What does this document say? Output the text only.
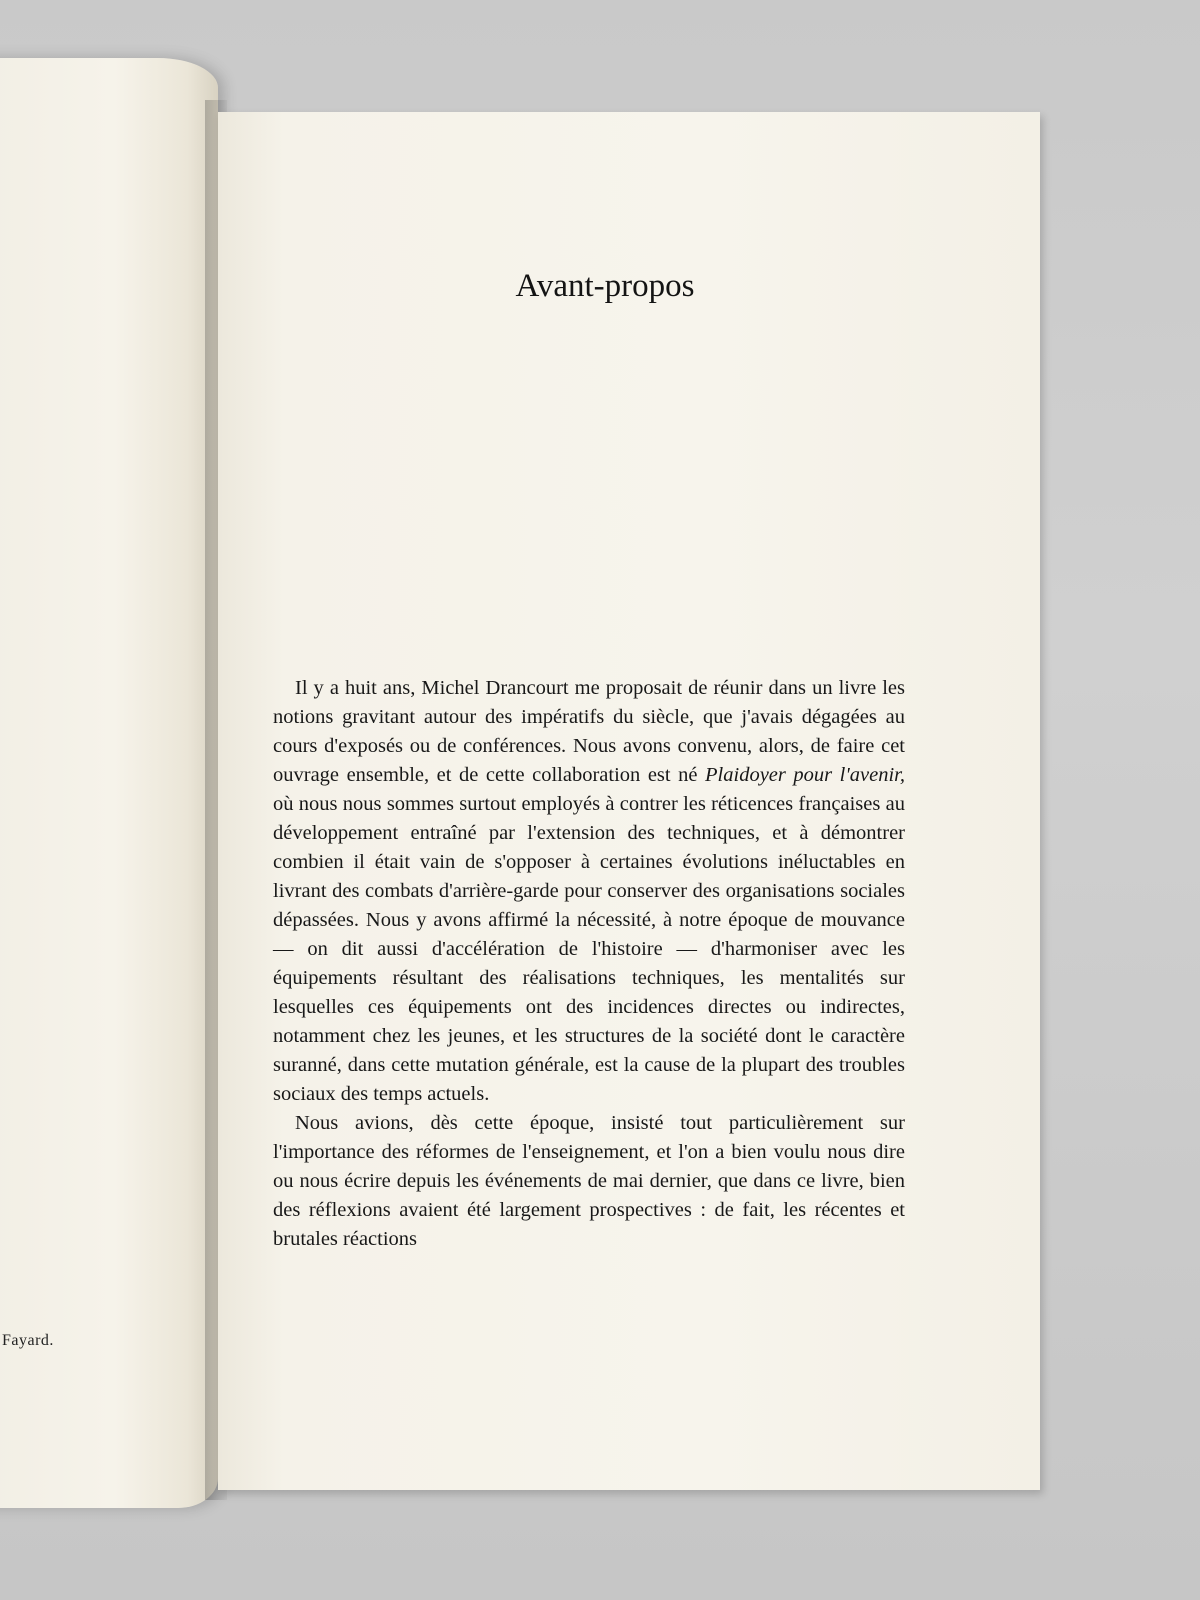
Fayard.
Avant-propos

Il y a huit ans, Michel Drancourt me proposait de réunir dans un livre les notions gravitant autour des impératifs du siècle, que j'avais dégagées au cours d'exposés ou de conférences. Nous avons convenu, alors, de faire cet ouvrage ensemble, et de cette collaboration est né Plaidoyer pour l'avenir, où nous nous sommes surtout employés à contrer les réticences françaises au développement entraîné par l'extension des techniques, et à démontrer combien il était vain de s'opposer à certaines évolutions inéluctables en livrant des combats d'arrière-garde pour conserver des organisations sociales dépassées. Nous y avons affirmé la nécessité, à notre époque de mouvance — on dit aussi d'accélération de l'histoire — d'harmoniser avec les équipements résultant des réalisations techniques, les mentalités sur lesquelles ces équipements ont des incidences directes ou indirectes, notamment chez les jeunes, et les structures de la société dont le caractère suranné, dans cette mutation générale, est la cause de la plupart des troubles sociaux des temps actuels.

Nous avions, dès cette époque, insisté tout particulièrement sur l'importance des réformes de l'enseignement, et l'on a bien voulu nous dire ou nous écrire depuis les événements de mai dernier, que dans ce livre, bien des réflexions avaient été largement prospectives : de fait, les récentes et brutales réactions
